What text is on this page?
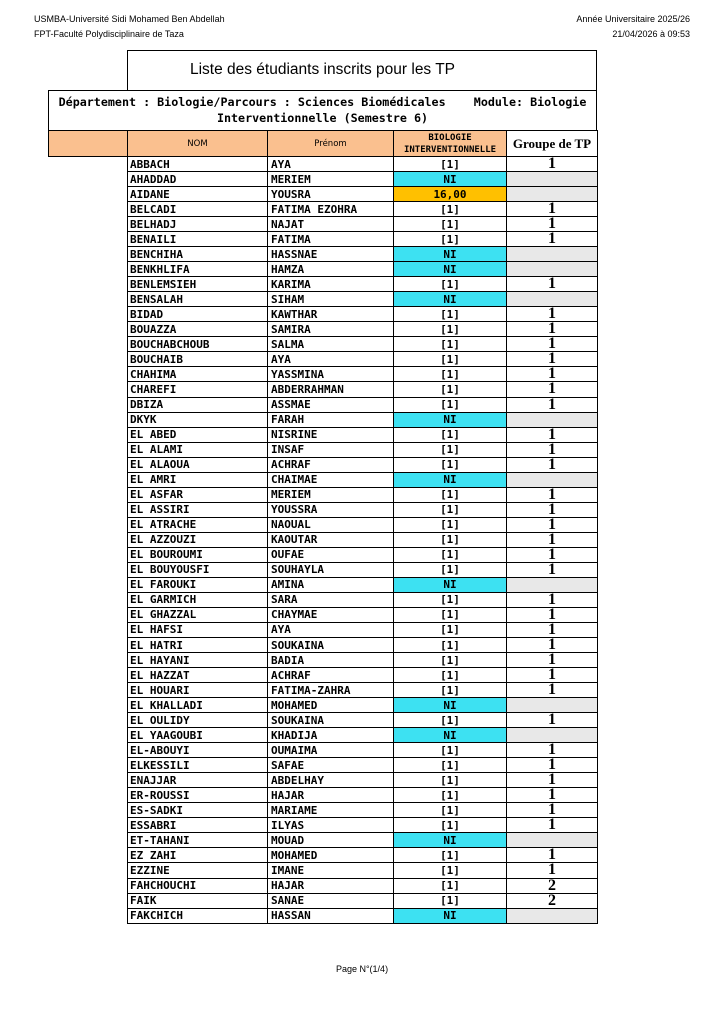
USMBA-Université Sidi Mohamed Ben Abdellah
FPT-Faculté Polydisciplinaire de Taza
Année Universitaire 2025/26
21/04/2026 à 09:53
Liste des étudiants inscrits pour les TP
Département : Biologie/Parcours : Sciences Biomédicales    Module: Biologie Interventionnelle (Semestre 6)
	NOM	Prénom	BIOLOGIE INTERVENTIONNELLE	Groupe de TP
	ABBACH	AYA	[1]	1
	AHADDAD	MERIEM	NI	
	AIDANE	YOUSRA	16,00	
	BELCADI	FATIMA EZOHRA	[1]	1
	BELHADJ	NAJAT	[1]	1
	BENAILI	FATIMA	[1]	1
	BENCHIHA	HASSNAE	NI	
	BENKHLIFA	HAMZA	NI	
	BENLEMSIEH	KARIMA	[1]	1
	BENSALAH	SIHAM	NI	
	BIDAD	KAWTHAR	[1]	1
	BOUAZZA	SAMIRA	[1]	1
	BOUCHABCHOUB	SALMA	[1]	1
	BOUCHAIB	AYA	[1]	1
	CHAHIMA	YASSMINA	[1]	1
	CHAREFI	ABDERRAHMAN	[1]	1
	DBIZA	ASSMAE	[1]	1
	DKYK	FARAH	NI	
	EL ABED	NISRINE	[1]	1
	EL ALAMI	INSAF	[1]	1
	EL ALAOUA	ACHRAF	[1]	1
	EL AMRI	CHAIMAE	NI	
	EL ASFAR	MERIEM	[1]	1
	EL ASSIRI	YOUSSRA	[1]	1
	EL ATRACHE	NAOUAL	[1]	1
	EL AZZOUZI	KAOUTAR	[1]	1
	EL BOUROUMI	OUFAE	[1]	1
	EL BOUYOUSFI	SOUHAYLA	[1]	1
	EL FAROUKI	AMINA	NI	
	EL GARMICH	SARA	[1]	1
	EL GHAZZAL	CHAYMAE	[1]	1
	EL HAFSI	AYA	[1]	1
	EL HATRI	SOUKAINA	[1]	1
	EL HAYANI	BADIA	[1]	1
	EL HAZZAT	ACHRAF	[1]	1
	EL HOUARI	FATIMA-ZAHRA	[1]	1
	EL KHALLADI	MOHAMED	NI	
	EL OULIDY	SOUKAINA	[1]	1
	EL YAAGOUBI	KHADIJA	NI	
	EL-ABOUYI	OUMAIMA	[1]	1
	ELKESSILI	SAFAE	[1]	1
	ENAJJAR	ABDELHAY	[1]	1
	ER-ROUSSI	HAJAR	[1]	1
	ES-SADKI	MARIAME	[1]	1
	ESSABRI	ILYAS	[1]	1
	ET-TAHANI	MOUAD	NI	
	EZ ZAHI	MOHAMED	[1]	1
	EZZINE	IMANE	[1]	1
	FAHCHOUCHI	HAJAR	[1]	2
	FAIK	SANAE	[1]	2
	FAKCHICH	HASSAN	NI	
Page N°(1/4)
